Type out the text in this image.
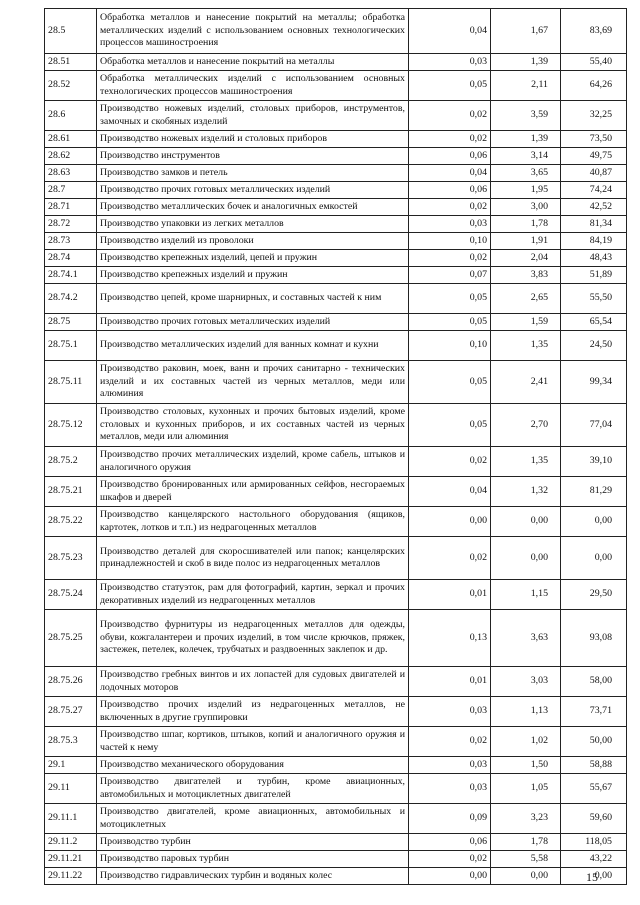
28.5	Обработка металлов и нанесение покрытий на металлы; обработка металлических изделий с использованием основных технологических процессов машиностроения	0,04	1,67	83,69
28.51	Обработка металлов и нанесение покрытий на металлы	0,03	1,39	55,40
28.52	Обработка металлических изделий с использованием основных технологических процессов машиностроения	0,05	2,11	64,26
28.6	Производство ножевых изделий, столовых приборов, инструментов, замочных и скобяных изделий	0,02	3,59	32,25
28.61	Производство ножевых изделий и столовых приборов	0,02	1,39	73,50
28.62	Производство инструментов	0,06	3,14	49,75
28.63	Производство замков и петель	0,04	3,65	40,87
28.7	Производство прочих готовых металлических изделий	0,06	1,95	74,24
28.71	Производство металлических бочек и аналогичных емкостей	0,02	3,00	42,52
28.72	Производство упаковки из легких металлов	0,03	1,78	81,34
28.73	Производство изделий из проволоки	0,10	1,91	84,19
28.74	Производство крепежных изделий, цепей и пружин	0,02	2,04	48,43
28.74.1	Производство крепежных изделий и пружин	0,07	3,83	51,89
28.74.2	Производство цепей, кроме шарнирных, и составных частей к ним	0,05	2,65	55,50
28.75	Производство прочих готовых металлических изделий	0,05	1,59	65,54
28.75.1	Производство металлических изделий для ванных комнат и кухни	0,10	1,35	24,50
28.75.11	Производство раковин, моек, ванн и прочих санитарно - технических изделий и их составных частей из черных металлов, меди или алюминия	0,05	2,41	99,34
28.75.12	Производство столовых, кухонных и прочих бытовых изделий, кроме столовых и кухонных приборов, и их составных частей из черных металлов, меди или алюминия	0,05	2,70	77,04
28.75.2	Производство прочих металлических изделий, кроме сабель, штыков и аналогичного оружия	0,02	1,35	39,10
28.75.21	Производство бронированных или армированных сейфов, несгораемых шкафов и дверей	0,04	1,32	81,29
28.75.22	Производство канцелярского настольного оборудования (ящиков, картотек, лотков и т.п.) из недрагоценных металлов	0,00	0,00	0,00
28.75.23	Производство деталей для скоросшивателей или папок; канцелярских принадлежностей и скоб в виде полос из недрагоценных металлов	0,02	0,00	0,00
28.75.24	Производство статуэток, рам для фотографий, картин, зеркал и прочих декоративных изделий из недрагоценных металлов	0,01	1,15	29,50
28.75.25	Производство фурнитуры из недрагоценных металлов для одежды, обуви, кожгалантереи и прочих изделий, в том числе крючков, пряжек, застежек, петелек, колечек, трубчатых и раздвоенных заклепок и др.	0,13	3,63	93,08
28.75.26	Производство гребных винтов и их лопастей для судовых двигателей и лодочных моторов	0,01	3,03	58,00
28.75.27	Производство прочих изделий из недрагоценных металлов, не включенных в другие группировки	0,03	1,13	73,71
28.75.3	Производство шпаг, кортиков, штыков, копий и аналогичного оружия и частей к нему	0,02	1,02	50,00
29.1	Производство механического оборудования	0,03	1,50	58,88
29.11	Производство двигателей и турбин, кроме авиационных, автомобильных и мотоциклетных двигателей	0,03	1,05	55,67
29.11.1	Производство двигателей, кроме авиационных, автомобильных и мотоциклетных	0,09	3,23	59,60
29.11.2	Производство турбин	0,06	1,78	118,05
29.11.21	Производство паровых турбин	0,02	5,58	43,22
29.11.22	Производство гидравлических турбин и водяных колес	0,00	0,00	0,00
15
